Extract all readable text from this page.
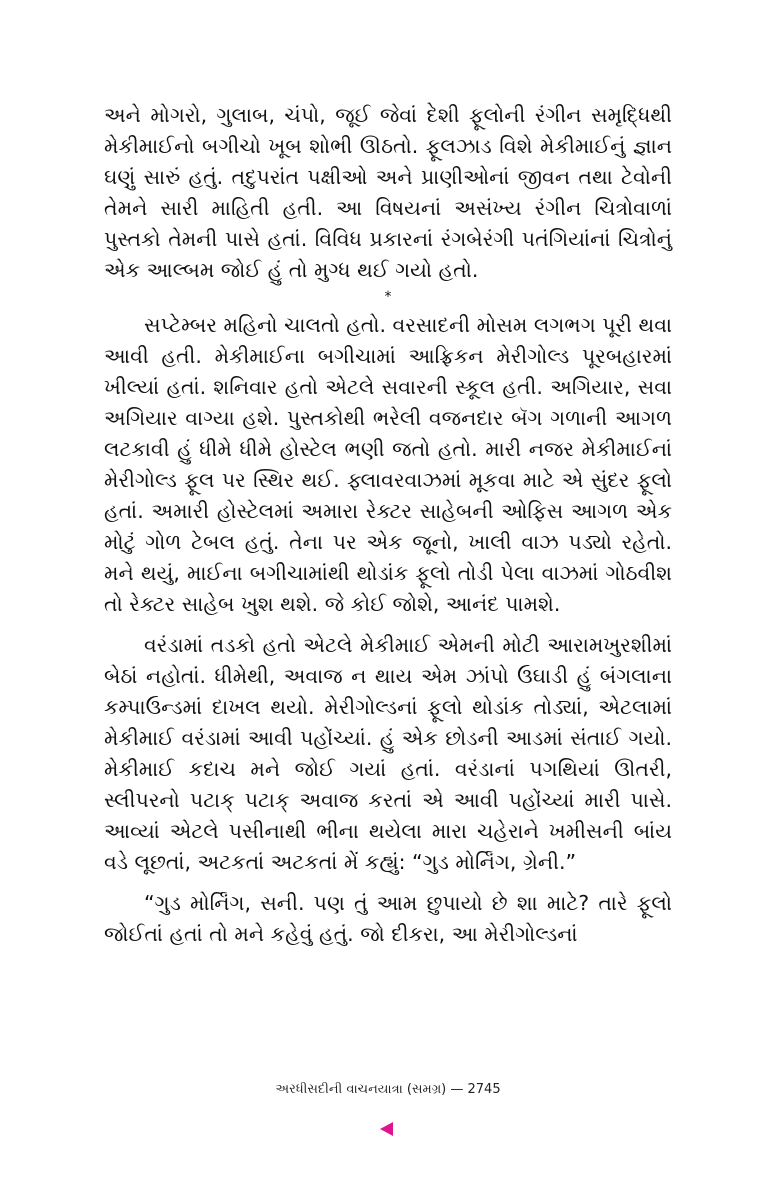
અને મોગરો, ગુલાબ, ચંપો, જૂઈ જેવાં દેશી ફૂલોની રંગીન સમૃદ્ધિથી મેકીમાઈનો બગીચો ખૂબ શોભી ઊઠતો. ફૂલઝાડ વિશે મેકીમાઈનું જ્ઞાન ઘણું સારું હતું. તદુપરાંત પક્ષીઓ અને પ્રાણીઓનાં જીવન તથા ટેવોની તેમને સારી માહિતી હતી. આ વિષયનાં અસંખ્ય રંગીન ચિત્રોવાળાં પુસ્તકો તેમની પાસે હતાં. વિવિધ પ્રકારનાં રંગબેરંગી પતંગિયાંનાં ચિત્રોનું એક આલ્બમ જોઈ હું તો મુગ્ધ થઈ ગયો હતો.

*

સપ્ટેમ્બર મહિનો ચાલતો હતો. વરસાદની મોસમ લગભગ પૂરી થવા આવી હતી. મેકીમાઈના બગીચામાં આફ્રિકન મેરીગોલ્ડ પૂરબહારમાં ખીલ્યાં હતાં. શનિવાર હતો એટલે સવારની સ્કૂલ હતી. અગિયાર, સવા અગિયાર વાગ્યા હશે. પુસ્તકોથી ભરેલી વજનદાર બૅગ ગળાની આગળ લટકાવી હું ધીમે ધીમે હોસ્ટેલ ભણી જતો હતો. મારી નજર મેકીમાઈનાં મેરીગોલ્ડ ફૂલ પર સ્થિર થઈ. ફ્લાવરવાઝમાં મૂકવા માટે એ સુંદર ફૂલો હતાં. અમારી હોસ્ટેલમાં અમારા રેક્ટર સાહેબની ઓફિસ આગળ એક મોટું ગોળ ટેબલ હતું. તેના પર એક જૂનો, ખાલી વાઝ પડ્યો રહેતો. મને થયું, માઈના બગીચામાંથી થોડાંક ફૂલો તોડી પેલા વાઝમાં ગોઠવીશ તો રેક્ટર સાહેબ ખુશ થશે. જે કોઈ જોશે, આનંદ પામશે.

વરંડામાં તડકો હતો એટલે મેકીમાઈ એમની મોટી આરામખુરશીમાં બેઠાં નહોતાં. ધીમેથી, અવાજ ન થાય એમ ઝાંપો ઉઘાડી હું બંગલાના કમ્પાઉન્ડમાં દાખલ થયો. મેરીગોલ્ડનાં ફૂલો થોડાંક તોડ્યાં, એટલામાં મેકીમાઈ વરંડામાં આવી પહોંચ્યાં. હું એક છોડની આડમાં સંતાઈ ગયો. મેકીમાઈ કદાચ મને જોઈ ગયાં હતાં. વરંડાનાં પગથિયાં ઊતરી, સ્લીપરનો પટાક્ પટાક્ અવાજ કરતાં એ આવી પહોંચ્યાં મારી પાસે. આવ્યાં એટલે પસીનાથી ભીના થયેલા મારા ચહેરાને ખમીસની બાંય વડે લૂછતાં, અટકતાં અટકતાં મેં કહ્યું: “ગુડ મોર્નિંગ, ગ્રેની.”

“ગુડ મોર્નિંગ, સની. પણ તું આમ છુપાયો છે શા માટે? તારે ફૂલો જોઈતાં હતાં તો મને કહેવું હતું. જો દીકરા, આ મેરીગોલ્ડનાં

અરધીસદીની વાચનયાત્રા (સમગ્ર) — 2745
